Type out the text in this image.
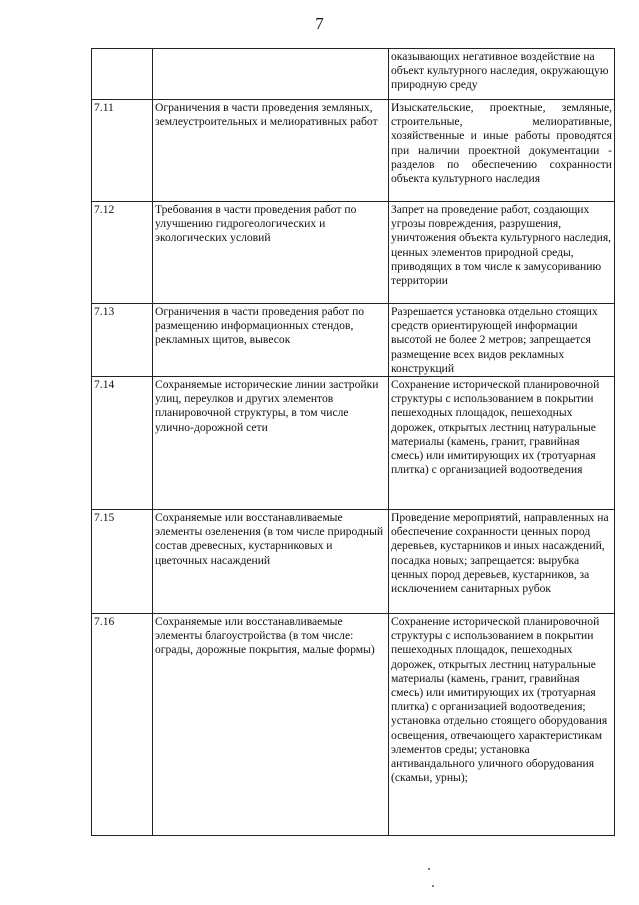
7
		оказывающих негативное воздействие на объект культурного наследия, окружающую природную среду
7.11	Ограничения в части проведения земляных, землеустроительных и мелиоративных работ	Изыскательские, проектные, земляные, строительные, мелиоративные, хозяйственные и иные работы проводятся при наличии проектной документации - разделов по обеспечению сохранности объекта культурного наследия
7.12	Требования в части проведения работ по улучшению гидрогеологических и экологических условий	Запрет на проведение работ, создающих угрозы повреждения, разрушения, уничтожения объекта культурного наследия, ценных элементов природной среды, приводящих в том числе к замусориванию территории
7.13	Ограничения в части проведения работ по размещению информационных стендов, рекламных щитов, вывесок	Разрешается установка отдельно стоящих средств ориентирующей информации высотой не более 2 метров; запрещается размещение всех видов рекламных конструкций
7.14	Сохраняемые исторические линии застройки улиц, переулков и других элементов планировочной структуры, в том числе улично-дорожной сети	Сохранение исторической планировочной структуры с использованием в покрытии пешеходных площадок, пешеходных дорожек, открытых лестниц натуральные материалы (камень, гранит, гравийная смесь) или имитирующих их (тротуарная плитка) с организацией водоотведения
7.15	Сохраняемые или восстанавливаемые элементы озеленения (в том числе природный состав древесных, кустарниковых и цветочных насаждений	Проведение мероприятий, направленных на обеспечение сохранности ценных пород деревьев, кустарников и иных насаждений, посадка новых; запрещается: вырубка ценных пород деревьев, кустарников, за исключением санитарных рубок
7.16	Сохраняемые или восстанавливаемые элементы благоустройства (в том числе: ограды, дорожные покрытия, малые формы)	Сохранение исторической планировочной структуры с использованием в покрытии пешеходных площадок, пешеходных дорожек, открытых лестниц натуральные материалы (камень, гранит, гравийная смесь) или имитирующих их (тротуарная плитка) с организацией водоотведения; установка отдельно стоящего оборудования освещения, отвечающего характеристикам элементов среды; установка антивандального уличного оборудования (скамьи, урны);
